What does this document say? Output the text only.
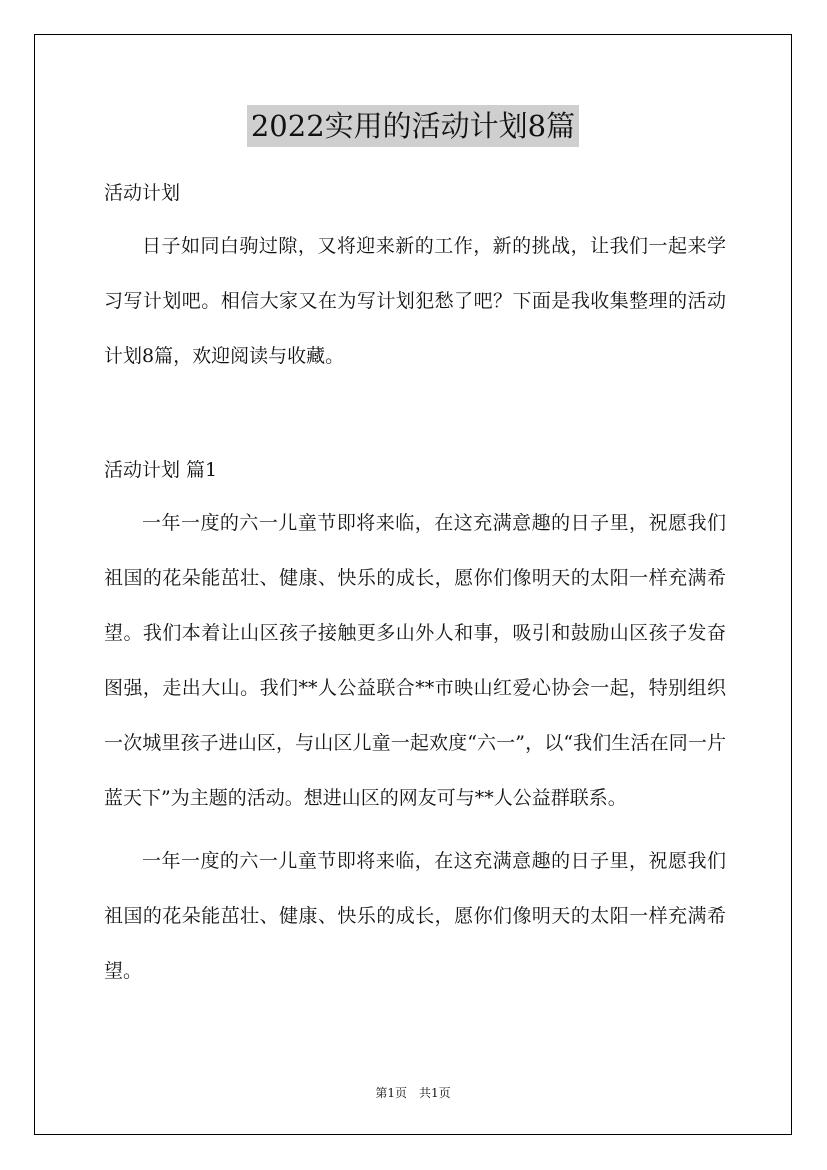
2022实用的活动计划8篇
活动计划
日子如同白驹过隙，又将迎来新的工作，新的挑战，让我们一起来学习写计划吧。相信大家又在为写计划犯愁了吧？下面是我收集整理的活动计划8篇，欢迎阅读与收藏。
活动计划 篇1
一年一度的六一儿童节即将来临，在这充满意趣的日子里，祝愿我们祖国的花朵能茁壮、健康、快乐的成长，愿你们像明天的太阳一样充满希望。我们本着让山区孩子接触更多山外人和事，吸引和鼓励山区孩子发奋图强，走出大山。我们**人公益联合**市映山红爱心协会一起，特别组织一次城里孩子进山区，与山区儿童一起欢度“六一”，以“我们生活在同一片蓝天下”为主题的活动。想进山区的网友可与**人公益群联系。
一年一度的六一儿童节即将来临，在这充满意趣的日子里，祝愿我们祖国的花朵能茁壮、健康、快乐的成长，愿你们像明天的太阳一样充满希望。
第1页　共1页
